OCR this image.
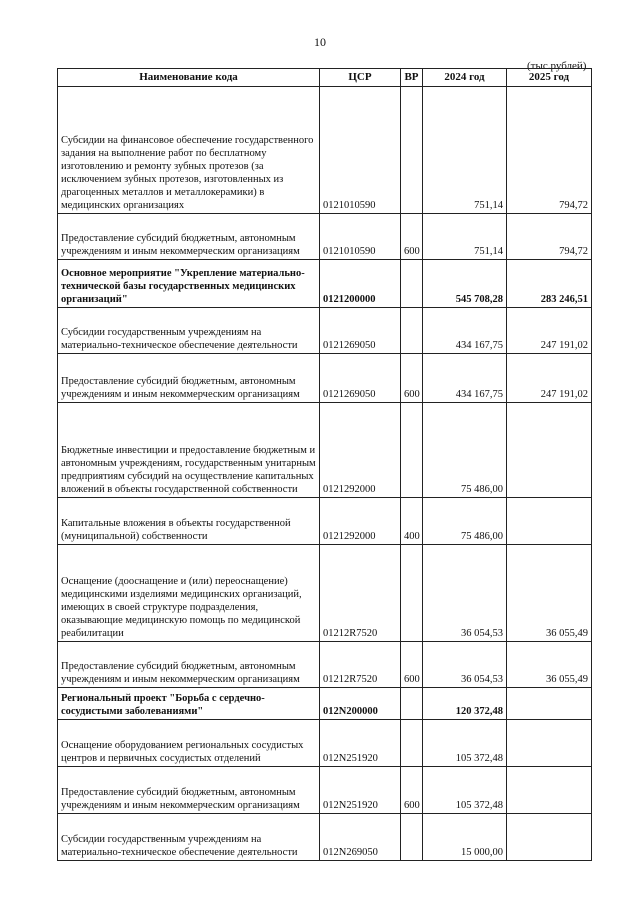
10
(тыс.рублей)
Наименование кода	ЦСР	ВР	2024 год	2025 год
Субсидии на финансовое обеспечение государственного задания на выполнение работ по бесплатному изготовлению и ремонту зубных протезов (за исключением зубных протезов, изготовленных из драгоценных металлов и металлокерамики) в медицинских организациях	0121010590		751,14	794,72
Предоставление субсидий бюджетным, автономным учреждениям и иным некоммерческим организациям	0121010590	600	751,14	794,72
Основное мероприятие "Укрепление материально-технической базы государственных медицинских организаций"	0121200000		545 708,28	283 246,51
Субсидии государственным учреждениям на материально-техническое обеспечение деятельности	0121269050		434 167,75	247 191,02
Предоставление субсидий бюджетным, автономным учреждениям и иным некоммерческим организациям	0121269050	600	434 167,75	247 191,02
Бюджетные инвестиции и предоставление бюджетным и автономным учреждениям, государственным унитарным предприятиям субсидий на осуществление капитальных вложений в объекты государственной собственности	0121292000		75 486,00	
Капитальные вложения в объекты государственной (муниципальной) собственности	0121292000	400	75 486,00	
Оснащение (дооснащение и (или) переоснащение) медицинскими изделиями медицинских организаций, имеющих в своей структуре подразделения, оказывающие медицинскую помощь по медицинской реабилитации	01212R7520		36 054,53	36 055,49
Предоставление субсидий бюджетным, автономным учреждениям и иным некоммерческим организациям	01212R7520	600	36 054,53	36 055,49
Региональный проект "Борьба с сердечно-сосудистыми заболеваниями"	012N200000		120 372,48	
Оснащение оборудованием региональных сосудистых центров и первичных сосудистых отделений	012N251920		105 372,48	
Предоставление субсидий бюджетным, автономным учреждениям и иным некоммерческим организациям	012N251920	600	105 372,48	
Субсидии государственным учреждениям на материально-техническое обеспечение деятельности	012N269050		15 000,00	
